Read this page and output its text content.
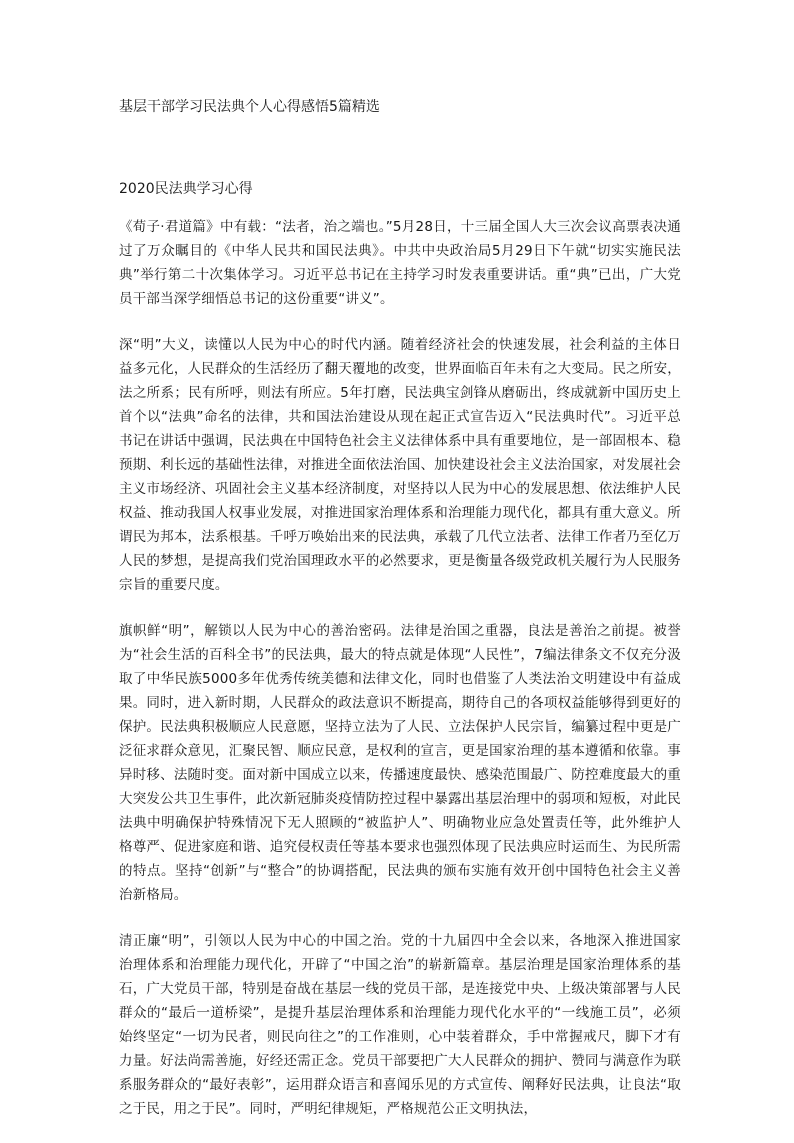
基层干部学习民法典个人心得感悟5篇精选
2020民法典学习心得

《荀子·君道篇》中有载：“法者，治之端也。”5月28日，十三届全国人大三次会议高票表决通过了万众瞩目的《中华人民共和国民法典》。中共中央政治局5月29日下午就“切实实施民法典”举行第二十次集体学习。习近平总书记在主持学习时发表重要讲话。重“典”已出，广大党员干部当深学细悟总书记的这份重要“讲义”。

深“明”大义，读懂以人民为中心的时代内涵。随着经济社会的快速发展，社会利益的主体日益多元化，人民群众的生活经历了翻天覆地的改变，世界面临百年未有之大变局。民之所安，法之所系；民有所呼，则法有所应。5年打磨，民法典宝剑锋从磨砺出，终成就新中国历史上首个以“法典”命名的法律，共和国法治建设从现在起正式宣告迈入“民法典时代”。习近平总书记在讲话中强调，民法典在中国特色社会主义法律体系中具有重要地位，是一部固根本、稳预期、利长远的基础性法律，对推进全面依法治国、加快建设社会主义法治国家，对发展社会主义市场经济、巩固社会主义基本经济制度，对坚持以人民为中心的发展思想、依法维护人民权益、推动我国人权事业发展，对推进国家治理体系和治理能力现代化，都具有重大意义。所谓民为邦本，法系根基。千呼万唤始出来的民法典，承载了几代立法者、法律工作者乃至亿万人民的梦想，是提高我们党治国理政水平的必然要求，更是衡量各级党政机关履行为人民服务宗旨的重要尺度。

旗帜鲜“明”，解锁以人民为中心的善治密码。法律是治国之重器，良法是善治之前提。被誉为“社会生活的百科全书”的民法典，最大的特点就是体现“人民性”，7编法律条文不仅充分汲取了中华民族5000多年优秀传统美德和法律文化，同时也借鉴了人类法治文明建设中有益成果。同时，进入新时期，人民群众的政法意识不断提高，期待自己的各项权益能够得到更好的保护。民法典积极顺应人民意愿，坚持立法为了人民、立法保护人民宗旨，编纂过程中更是广泛征求群众意见，汇聚民智、顺应民意，是权利的宣言，更是国家治理的基本遵循和依靠。事异时移、法随时变。面对新中国成立以来，传播速度最快、感染范围最广、防控难度最大的重大突发公共卫生事件，此次新冠肺炎疫情防控过程中暴露出基层治理中的弱项和短板，对此民法典中明确保护特殊情况下无人照顾的“被监护人”、明确物业应急处置责任等，此外维护人格尊严、促进家庭和谐、追究侵权责任等基本要求也强烈体现了民法典应时运而生、为民所需的特点。坚持“创新”与“整合”的协调搭配，民法典的颁布实施有效开创中国特色社会主义善治新格局。

清正廉“明”，引领以人民为中心的中国之治。党的十九届四中全会以来，各地深入推进国家治理体系和治理能力现代化，开辟了“中国之治”的崭新篇章。基层治理是国家治理体系的基石，广大党员干部，特别是奋战在基层一线的党员干部，是连接党中央、上级决策部署与人民群众的“最后一道桥梁”，是提升基层治理体系和治理能力现代化水平的“一线施工员”，必须始终坚定“一切为民者，则民向往之”的工作准则，心中装着群众，手中常握戒尺，脚下才有力量。好法尚需善施，好经还需正念。党员干部要把广大人民群众的拥护、赞同与满意作为联系服务群众的“最好表彰”，运用群众语言和喜闻乐见的方式宣传、阐释好民法典，让良法“取之于民，用之于民”。同时，严明纪律规矩，严格规范公正文明执法，
